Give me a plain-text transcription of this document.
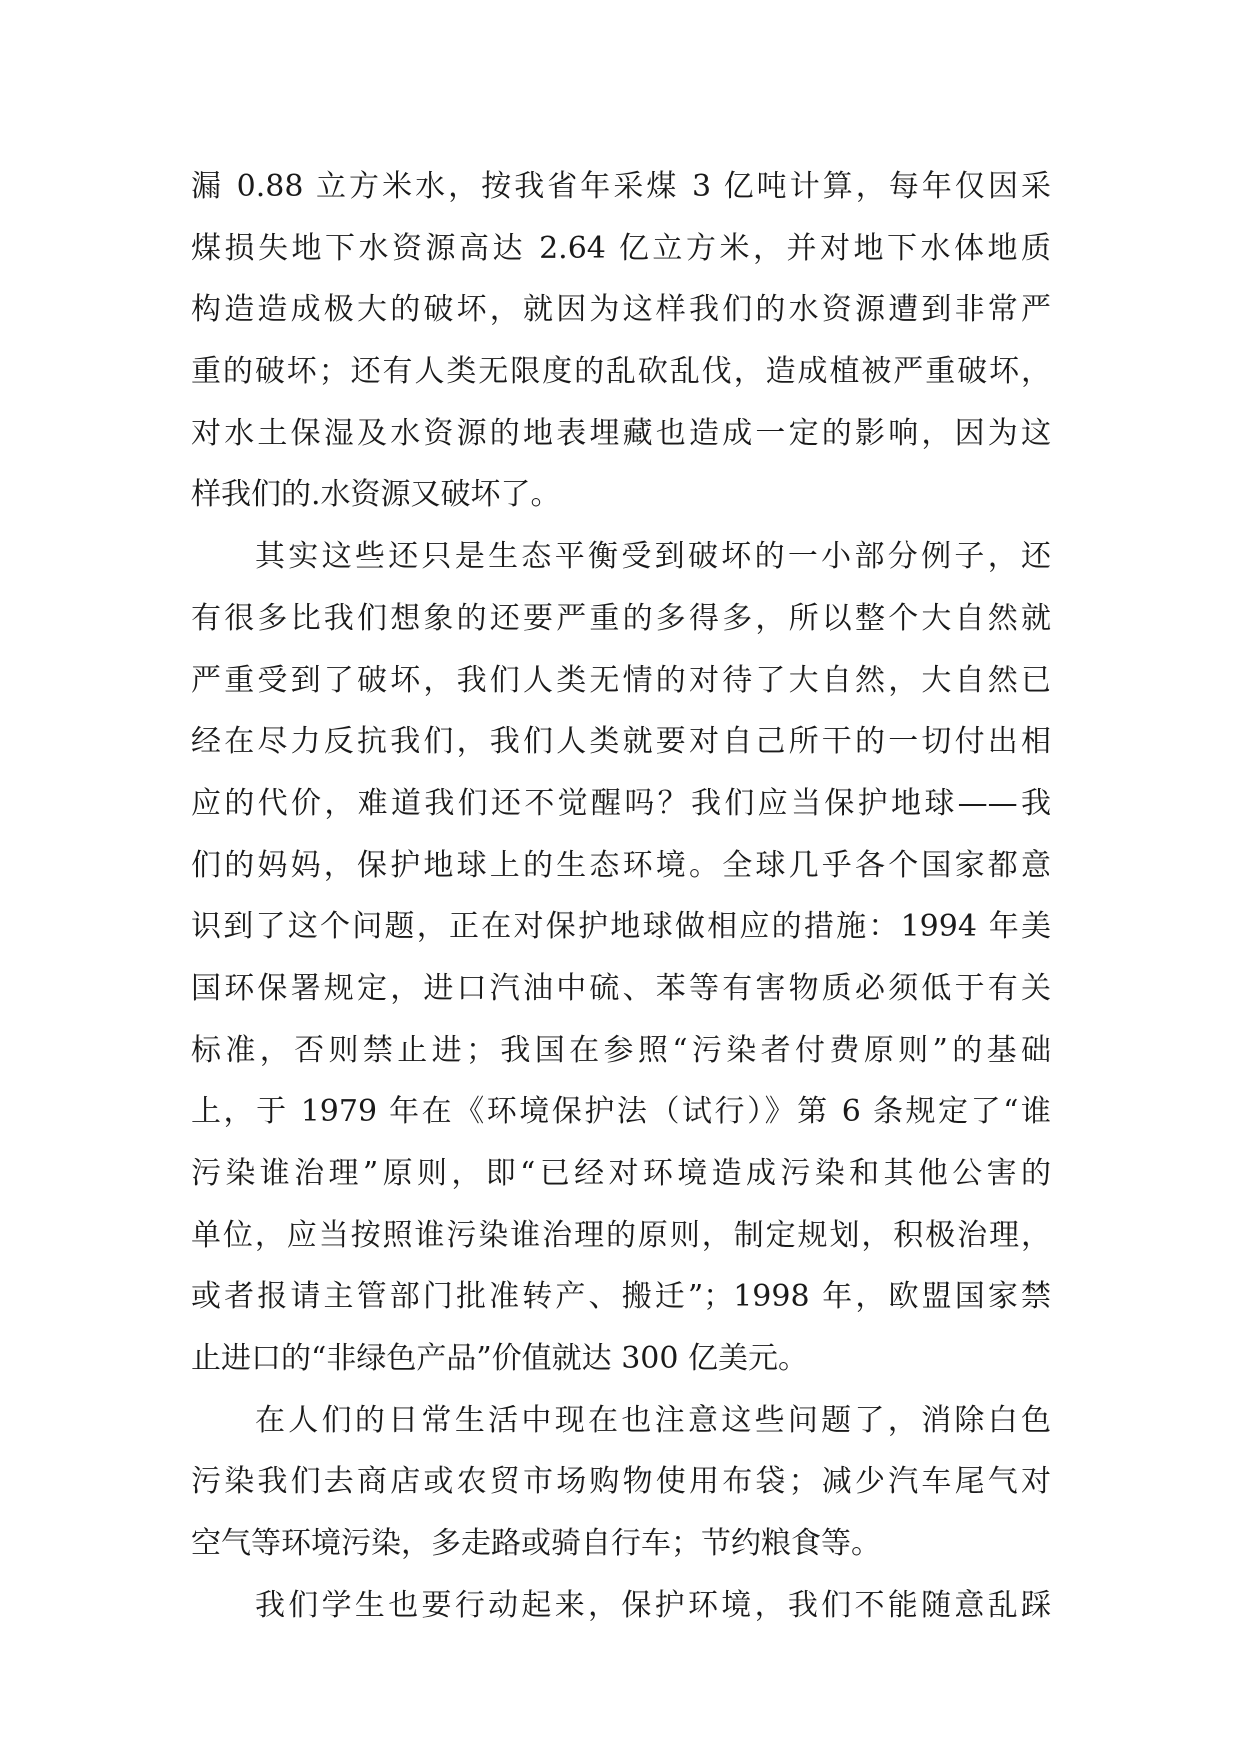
漏 0.88 立方米水，按我省年采煤 3 亿吨计算，每年仅因采
煤损失地下水资源高达 2.64 亿立方米，并对地下水体地质
构造造成极大的破坏，就因为这样我们的水资源遭到非常严
重的破坏；还有人类无限度的乱砍乱伐，造成植被严重破坏，
对水土保湿及水资源的地表埋藏也造成一定的影响，因为这
样我们的.水资源又破坏了。
其实这些还只是生态平衡受到破坏的一小部分例子，还
有很多比我们想象的还要严重的多得多，所以整个大自然就
严重受到了破坏，我们人类无情的对待了大自然，大自然已
经在尽力反抗我们，我们人类就要对自己所干的一切付出相
应的代价，难道我们还不觉醒吗？我们应当保护地球——我
们的妈妈，保护地球上的生态环境。全球几乎各个国家都意
识到了这个问题，正在对保护地球做相应的措施：1994 年美
国环保署规定，进口汽油中硫、苯等有害物质必须低于有关
标准，否则禁止进；我国在参照“污染者付费原则”的基础
上，于 1979 年在《环境保护法（试行）》第 6 条规定了“谁
污染谁治理”原则，即“已经对环境造成污染和其他公害的
单位，应当按照谁污染谁治理的原则，制定规划，积极治理，
或者报请主管部门批准转产、搬迁”；1998 年，欧盟国家禁
止进口的“非绿色产品”价值就达 300 亿美元。
在人们的日常生活中现在也注意这些问题了，消除白色
污染我们去商店或农贸市场购物使用布袋；减少汽车尾气对
空气等环境污染，多走路或骑自行车；节约粮食等。
我们学生也要行动起来，保护环境，我们不能随意乱踩
